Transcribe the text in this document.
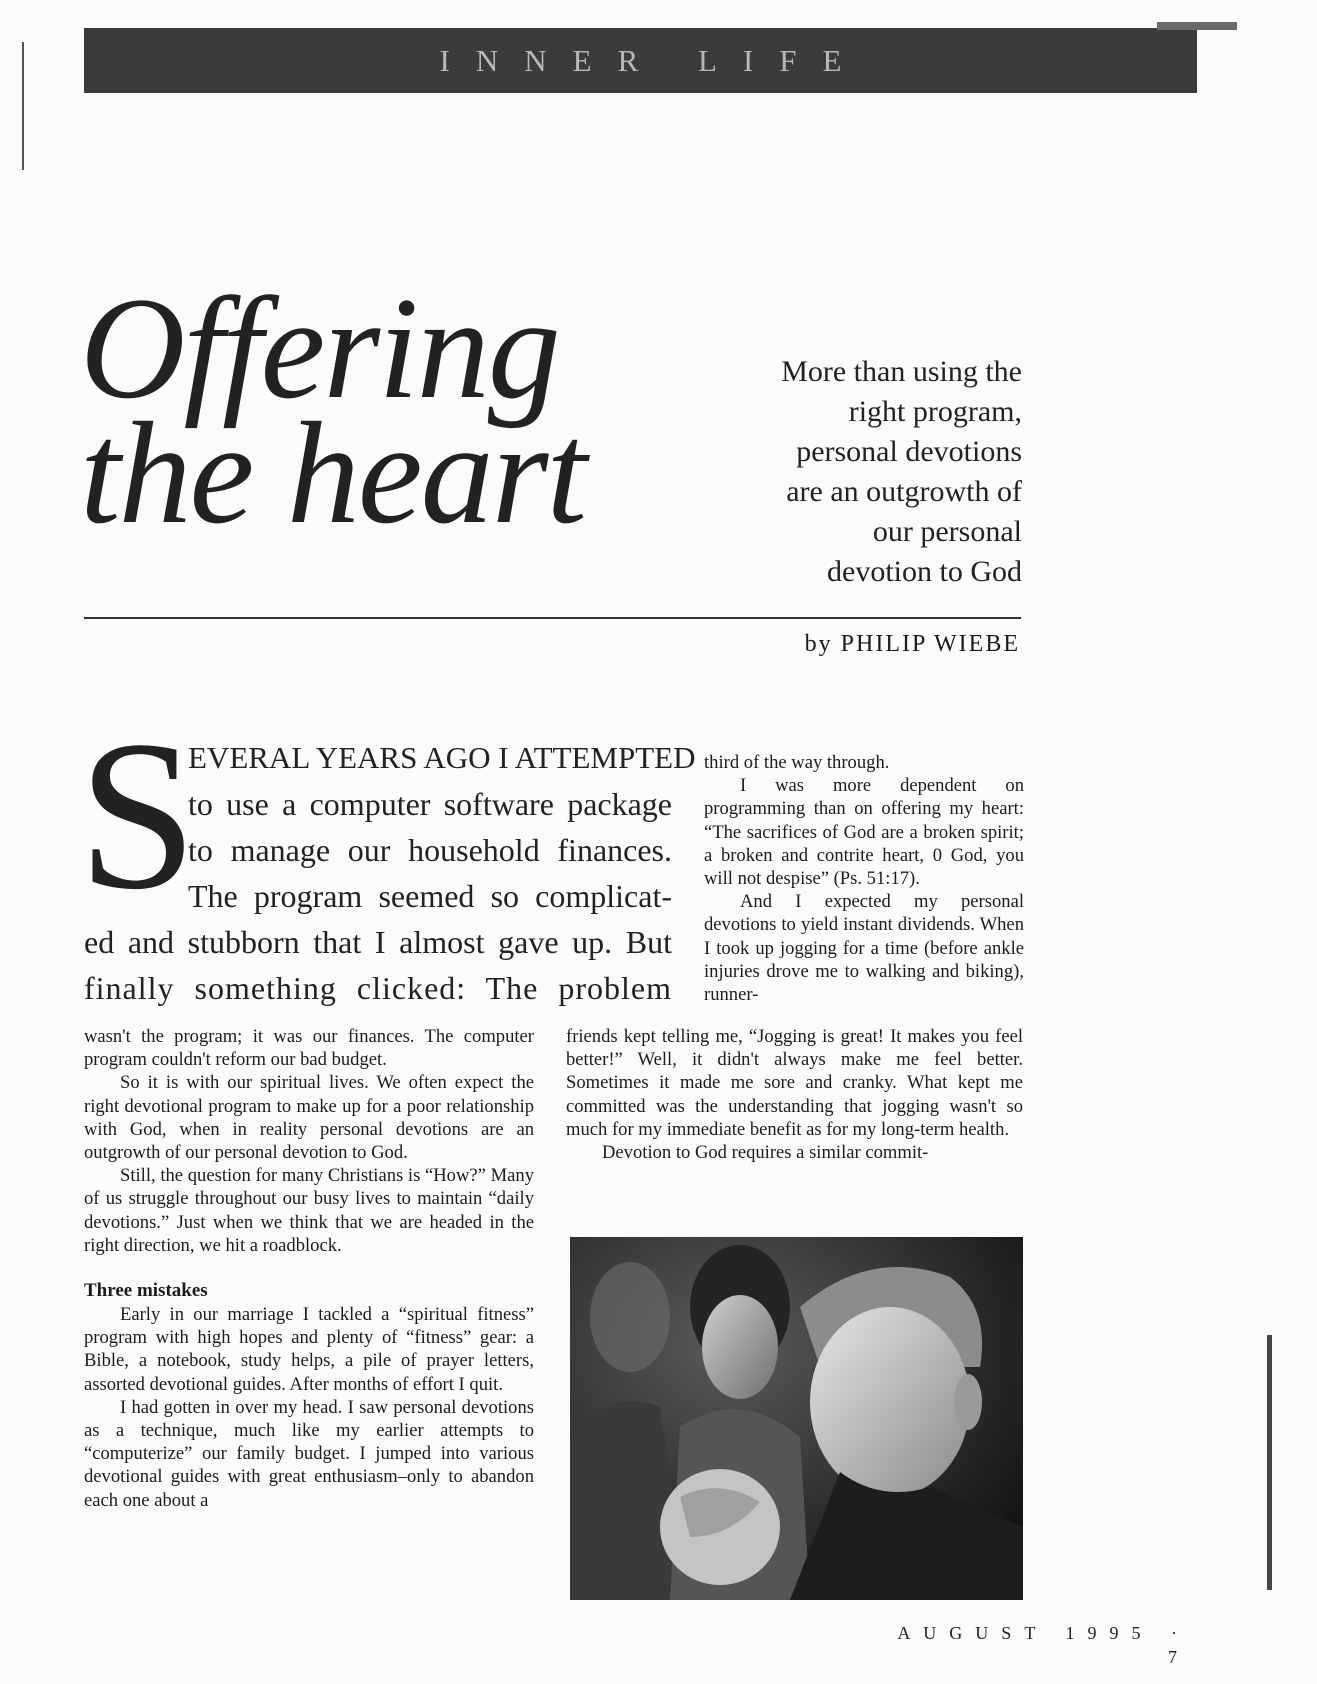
INNER LIFE
Offering
the heart
More than using the
right program,
personal devotions
are an outgrowth of
our personal
devotion to God
by PHILIP WIEBE
S
EVERAL YEARS AGO I ATTEMPTED
to use a computer software package
to manage our household finances.
The program seemed so complicat-
ed and stubborn that I almost gave up. But
finally something clicked: The problem

wasn't the program; it was our finances. The computer program couldn't reform our bad budget.

So it is with our spiritual lives. We often expect the right devotional program to make up for a poor relationship with God, when in reality personal devotions are an outgrowth of our personal devotion to God.

Still, the question for many Christians is “How?” Many of us struggle throughout our busy lives to maintain “daily devotions.” Just when we think that we are headed in the right direction, we hit a roadblock.

Three mistakes

Early in our marriage I tackled a “spiritual fitness” program with high hopes and plenty of “fitness” gear: a Bible, a notebook, study helps, a pile of prayer letters, assorted devotional guides. After months of effort I quit.

I had gotten in over my head. I saw personal devotions as a technique, much like my earlier attempts to “computerize” our family budget. I jumped into various devotional guides with great enthusiasm–only to abandon each one about a

third of the way through.

I was more dependent on programming than on offering my heart: “The sacrifices of God are a broken spirit; a broken and contrite heart, 0 God, you will not despise” (Ps. 51:17).

And I expected my personal devotions to yield instant dividends. When I took up jogging for a time (before ankle injuries drove me to walking and biking), runner-

friends kept telling me, “Jogging is great! It makes you feel better!” Well, it didn't always make me feel better. Sometimes it made me sore and cranky. What kept me committed was the understanding that jogging wasn't so much for my immediate benefit as for my long-term health.

Devotion to God requires a similar commit-

AUGUST 1995 · 7
